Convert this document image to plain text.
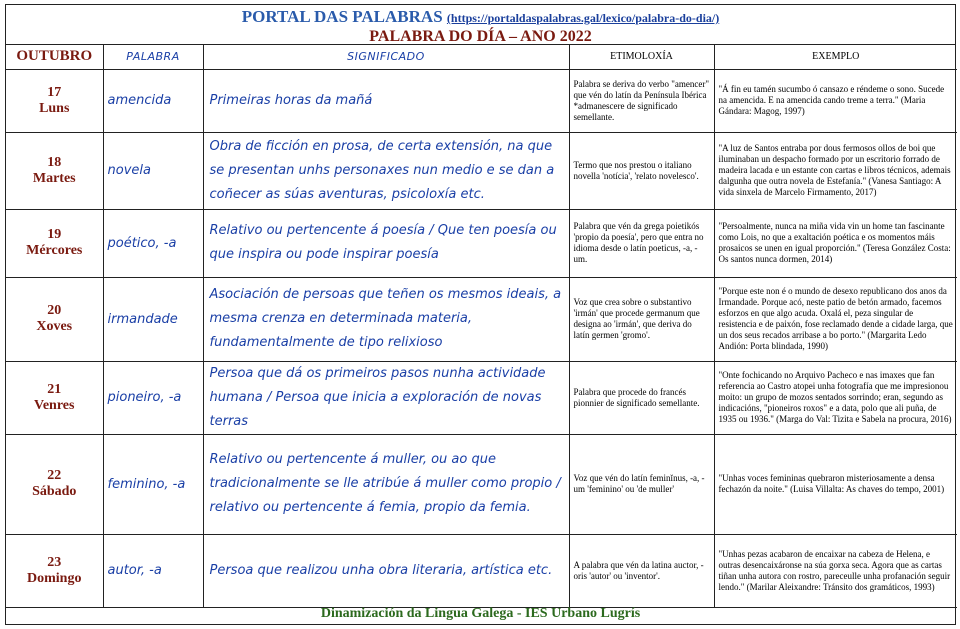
PORTAL DAS PALABRAS (https://portaldaspalabras.gal/lexico/palabra-do-dia/)
PALABRA DO DÍA – ANO 2022
OUTUBRO	PALABRA	SIGNIFICADO	ETIMOLOXÍA	EXEMPLO

17
Luns	amencida	Primeiras horas da mañá	Palabra se deriva do verbo "amencer" que vén do latín da Península Ibérica *admanescere de significado semellante.	"Á fin eu tamén sucumbo ó cansazo e réndeme o sono. Sucede na amencida. E na amencida cando treme a terra." (Maria Gándara: Magog, 1997)

18
Martes	novela	Obra de ficción en prosa, de certa extensión, na que se presentan unhs personaxes nun medio e se dan a coñecer as súas aventuras, psicoloxía etc.	Termo que nos prestou o italiano novella 'notícia', 'relato novelesco'.	"A luz de Santos entraba por dous fermosos ollos de boi que iluminaban un despacho formado por un escritorio forrado de madeira lacada e un estante con cartas e libros técnicos, ademais dalgunha que outra novela de Estefanía." (Vanesa Santiago: A vida sinxela de Marcelo Firmamento, 2017)

19
Mércores	poético, -a	Relativo ou pertencente á poesía / Que ten poesía ou que inspira ou pode inspirar poesía	Palabra que vén da grega poietikós 'propio da poesía', pero que entra no idioma desde o latín poeticus, -a, -um.	"Persoalmente, nunca na miña vida vin un home tan fascinante como Lois, no que a exaltación poética e os momentos máis prosaicos se unen en igual proporción." (Teresa González Costa: Os santos nunca dormen, 2014)

20
Xoves	irmandade	Asociación de persoas que teñen os mesmos ideais, a mesma crenza en determinada materia, fundamentalmente de tipo relixioso	Voz que crea sobre o substantivo 'irmán' que procede germanum que designa ao 'irmán', que deriva do latín germen 'gromo'.	"Porque este non é o mundo de desexo republicano dos anos da Irmandade. Porque acó, neste patio de betón armado, facemos esforzos en que algo acuda. Oxalá el, peza singular de resistencia e de paixón, fose reclamado dende a cidade larga, que un dos seus recados arribase a bo porto." (Margarita Ledo Andión: Porta blindada, 1990)

21
Venres	pioneiro, -a	Persoa que dá os primeiros pasos nunha actividade humana / Persoa que inicia a exploración de novas terras	Palabra que procede do francés pionnier de significado semellante.	"Onte fochicando no Arquivo Pacheco e nas imaxes que fan referencia ao Castro atopei unha fotografía que me impresionou moito: un grupo de mozos sentados sorrindo; eran, segundo as indicacións, "pioneiros roxos" e a data, polo que ali puña, de 1935 ou 1936." (Marga do Val: Tizita e Sabela na procura, 2016)

22
Sábado	feminino, -a	Relativo ou pertencente á muller, ou ao que tradicionalmente se lle atribúe á muller como propio / relativo ou pertencente á femia, propio da femia.	Voz que vén do latín feminĭnus, -a, -um 'feminino' ou 'de muller'	"Unhas voces femininas quebraron misteriosamente a densa fechazón da noite." (Luisa Villalta: As chaves do tempo, 2001)

23
Domingo	autor, -a	Persoa que realizou unha obra literaria, artística etc.	A palabra que vén da latina auctor, -oris 'autor' ou 'inventor'.	"Unhas pezas acabaron de encaixar na cabeza de Helena, e outras desencaixáronse na súa gorxa seca. Agora que as cartas tiñan unha autora con rostro, pareceulle unha profanación seguir lendo." (Marilar Aleixandre: Tránsito dos gramáticos, 1993)
Dinamización da Lingua Galega - IES Urbano Lugrís
